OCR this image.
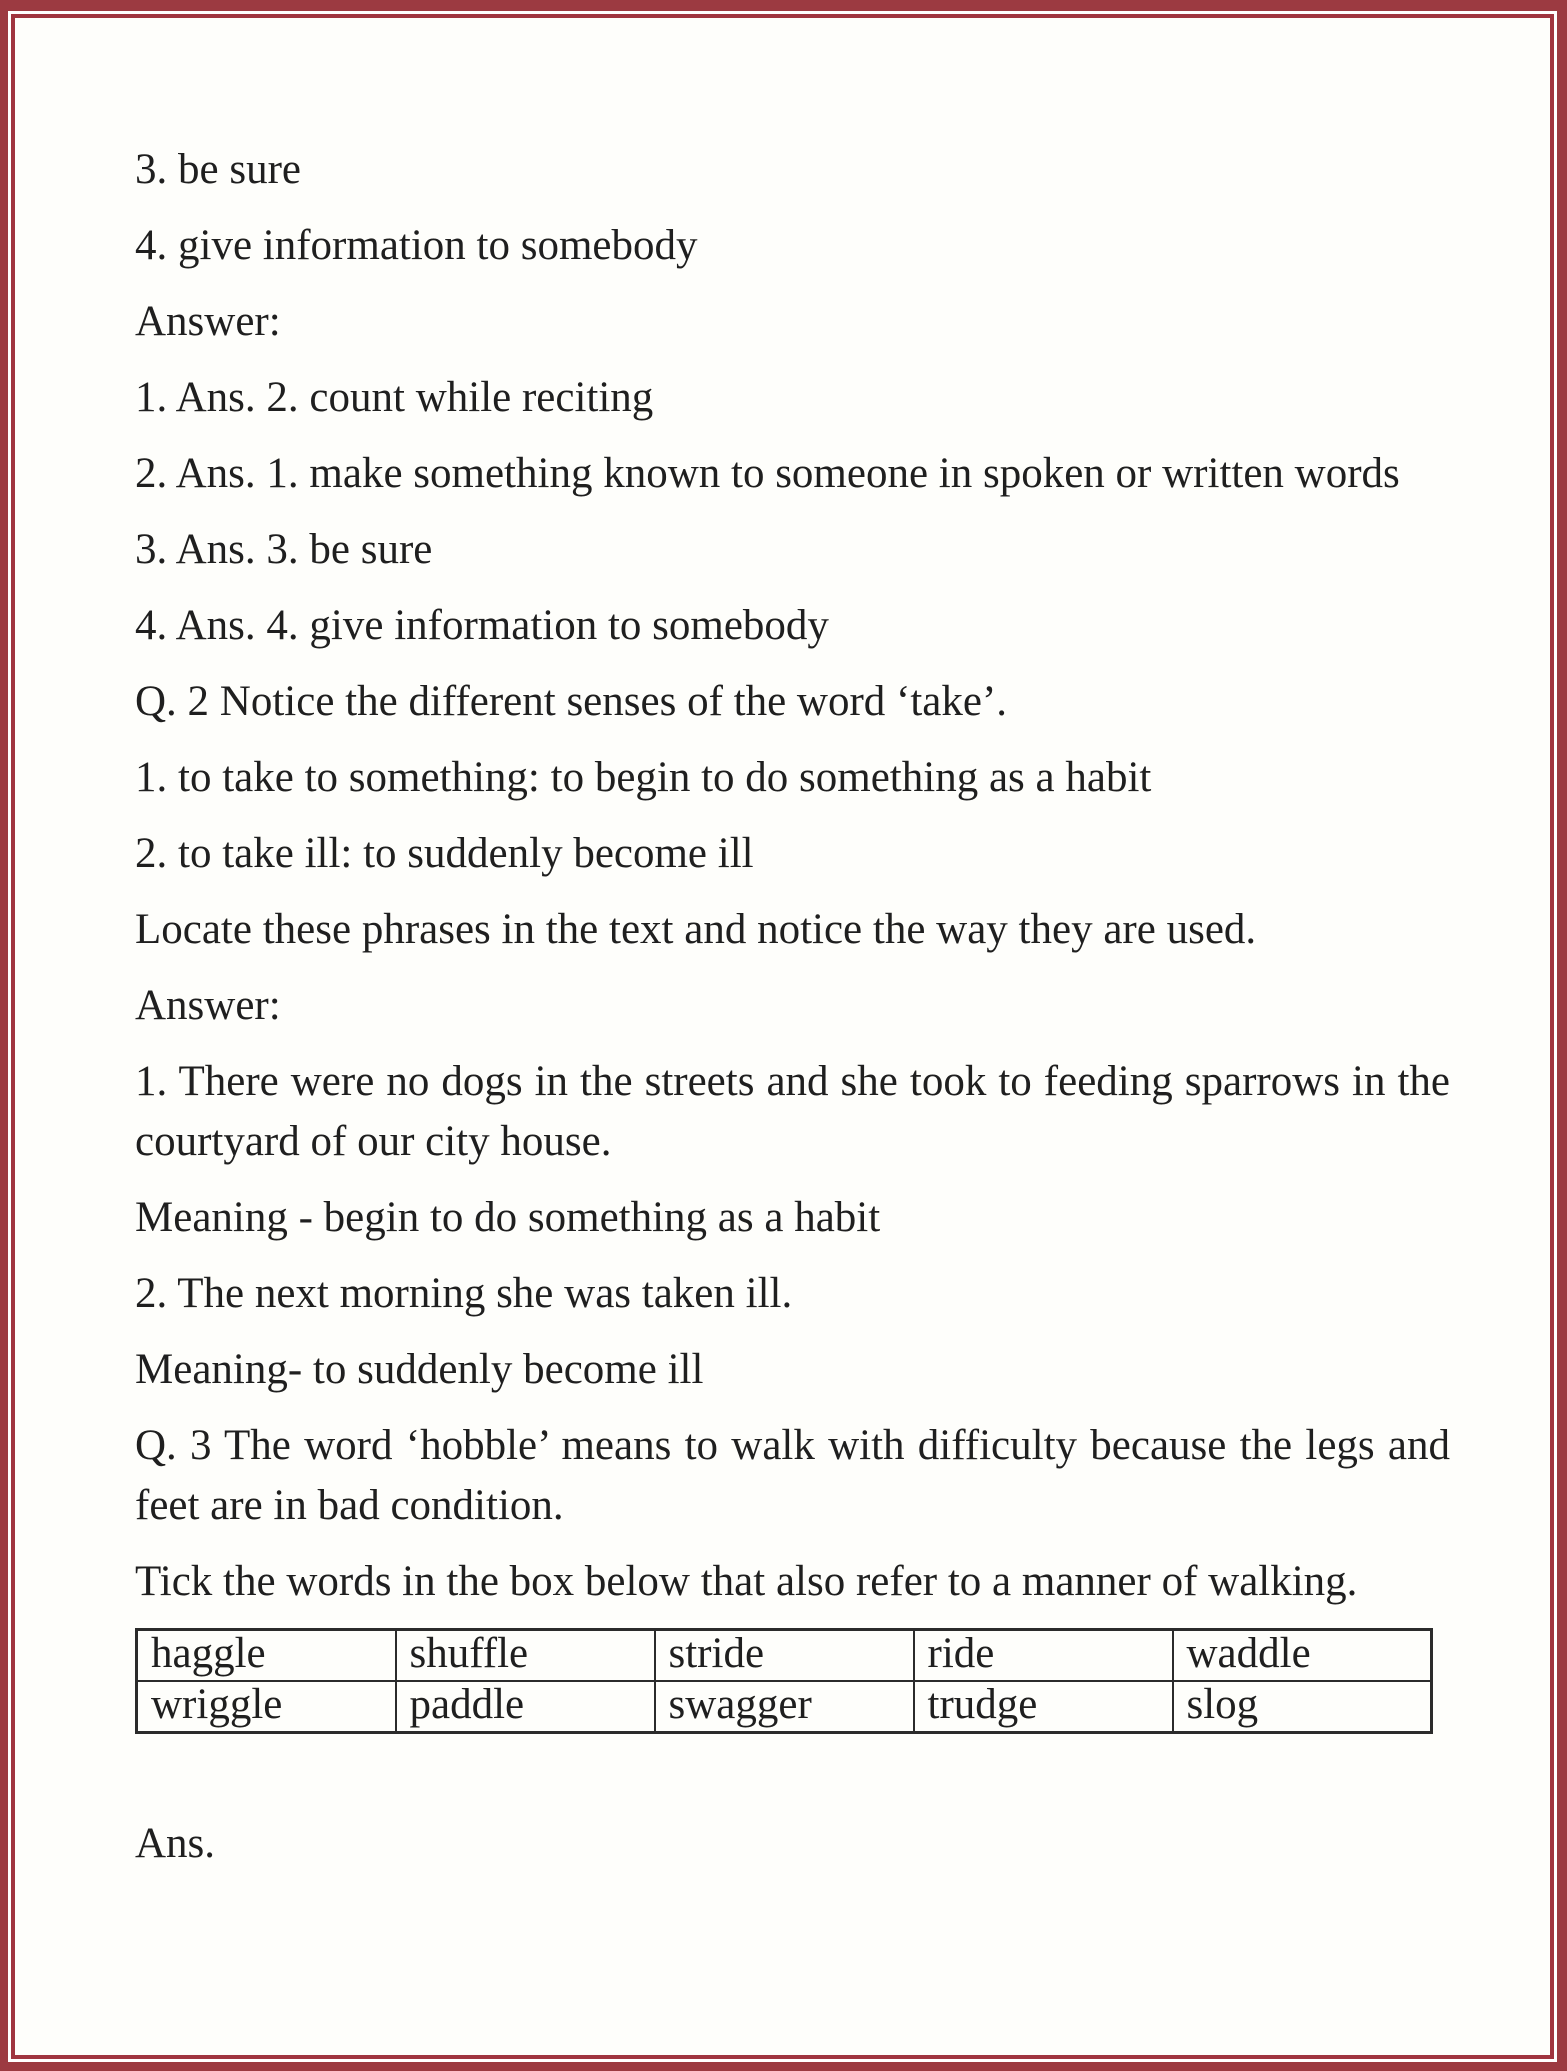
3. be sure

4. give information to somebody

Answer:

1. Ans. 2. count while reciting

2. Ans. 1. make something known to someone in spoken or written words

3. Ans. 3. be sure

4. Ans. 4. give information to somebody

Q. 2 Notice the different senses of the word ‘take’.

1. to take to something: to begin to do something as a habit

2. to take ill: to suddenly become ill

Locate these phrases in the text and notice the way they are used.

Answer:

1. There were no dogs in the streets and she took to feeding sparrows in the courtyard of our city house.

Meaning - begin to do something as a habit

2. The next morning she was taken ill.

Meaning- to suddenly become ill

Q. 3 The word ‘hobble’ means to walk with difficulty because the legs and feet are in bad condition.

Tick the words in the box below that also refer to a manner of walking.

haggle	shuffle	stride	ride	waddle
wriggle	paddle	swagger	trudge	slog

Ans.
